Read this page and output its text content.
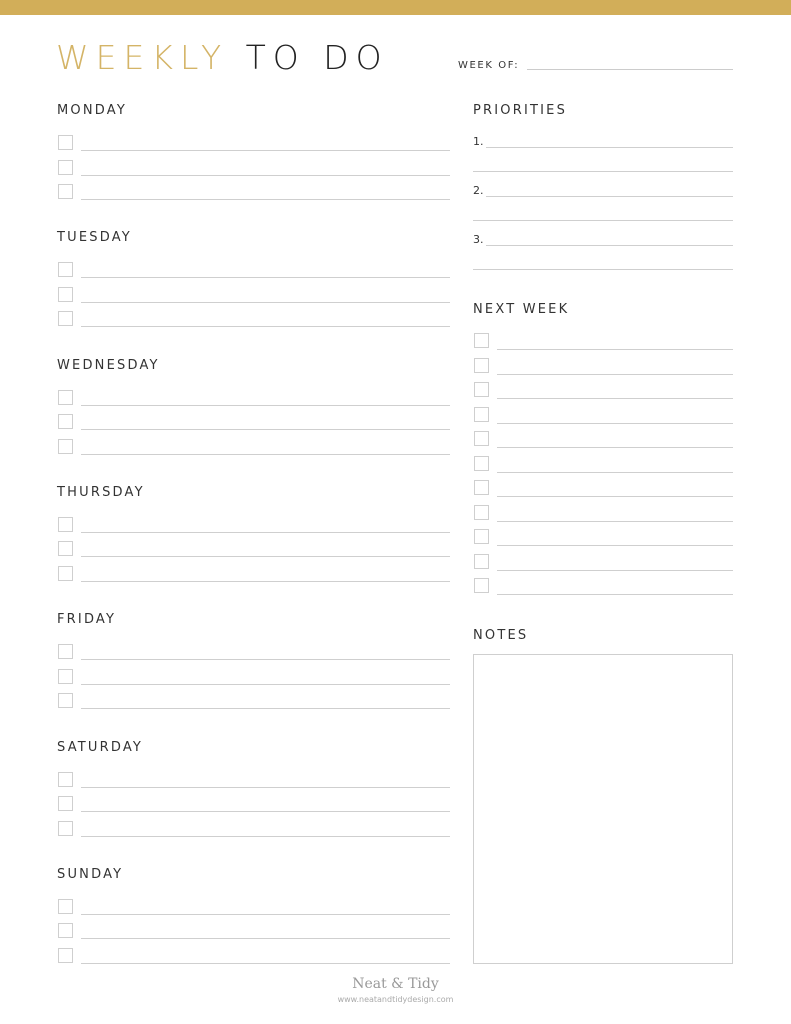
WEEKLY TO DO	WEEK OF:
MONDAY
TUESDAY
WEDNESDAY
THURSDAY
FRIDAY
SATURDAY
SUNDAY
PRIORITIES
1.
2.
3.
NEXT WEEK
NOTES
Neat & Tidy
www.neatandtidydesign.com
